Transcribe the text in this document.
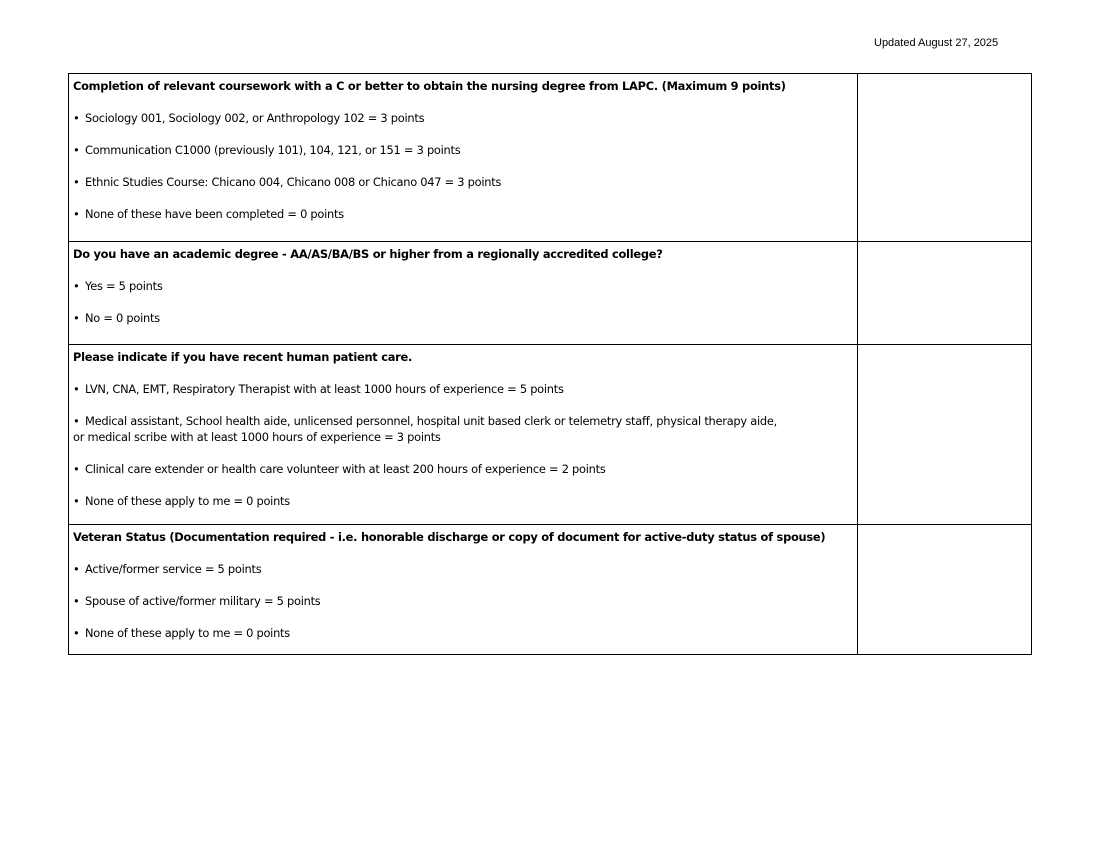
Updated August 27, 2025
Completion of relevant coursework with a C or better to obtain the nursing degree from LAPC. (Maximum 9 points)
• Sociology 001, Sociology 002, or Anthropology 102 = 3 points
• Communication C1000 (previously 101), 104, 121, or 151 = 3 points
• Ethnic Studies Course: Chicano 004, Chicano 008 or Chicano 047 = 3 points
• None of these have been completed = 0 points	

Do you have an academic degree - AA/AS/BA/BS or higher from a regionally accredited college?
• Yes = 5 points
• No = 0 points	

Please indicate if you have recent human patient care.
• LVN, CNA, EMT, Respiratory Therapist with at least 1000 hours of experience = 5 points
• Medical assistant, School health aide, unlicensed personnel, hospital unit based clerk or telemetry staff, physical therapy aide, or medical scribe with at least 1000 hours of experience = 3 points
• Clinical care extender or health care volunteer with at least 200 hours of experience = 2 points
• None of these apply to me = 0 points	

Veteran Status (Documentation required - i.e. honorable discharge or copy of document for active-duty status of spouse)
• Active/former service = 5 points
• Spouse of active/former military = 5 points
• None of these apply to me = 0 points	
